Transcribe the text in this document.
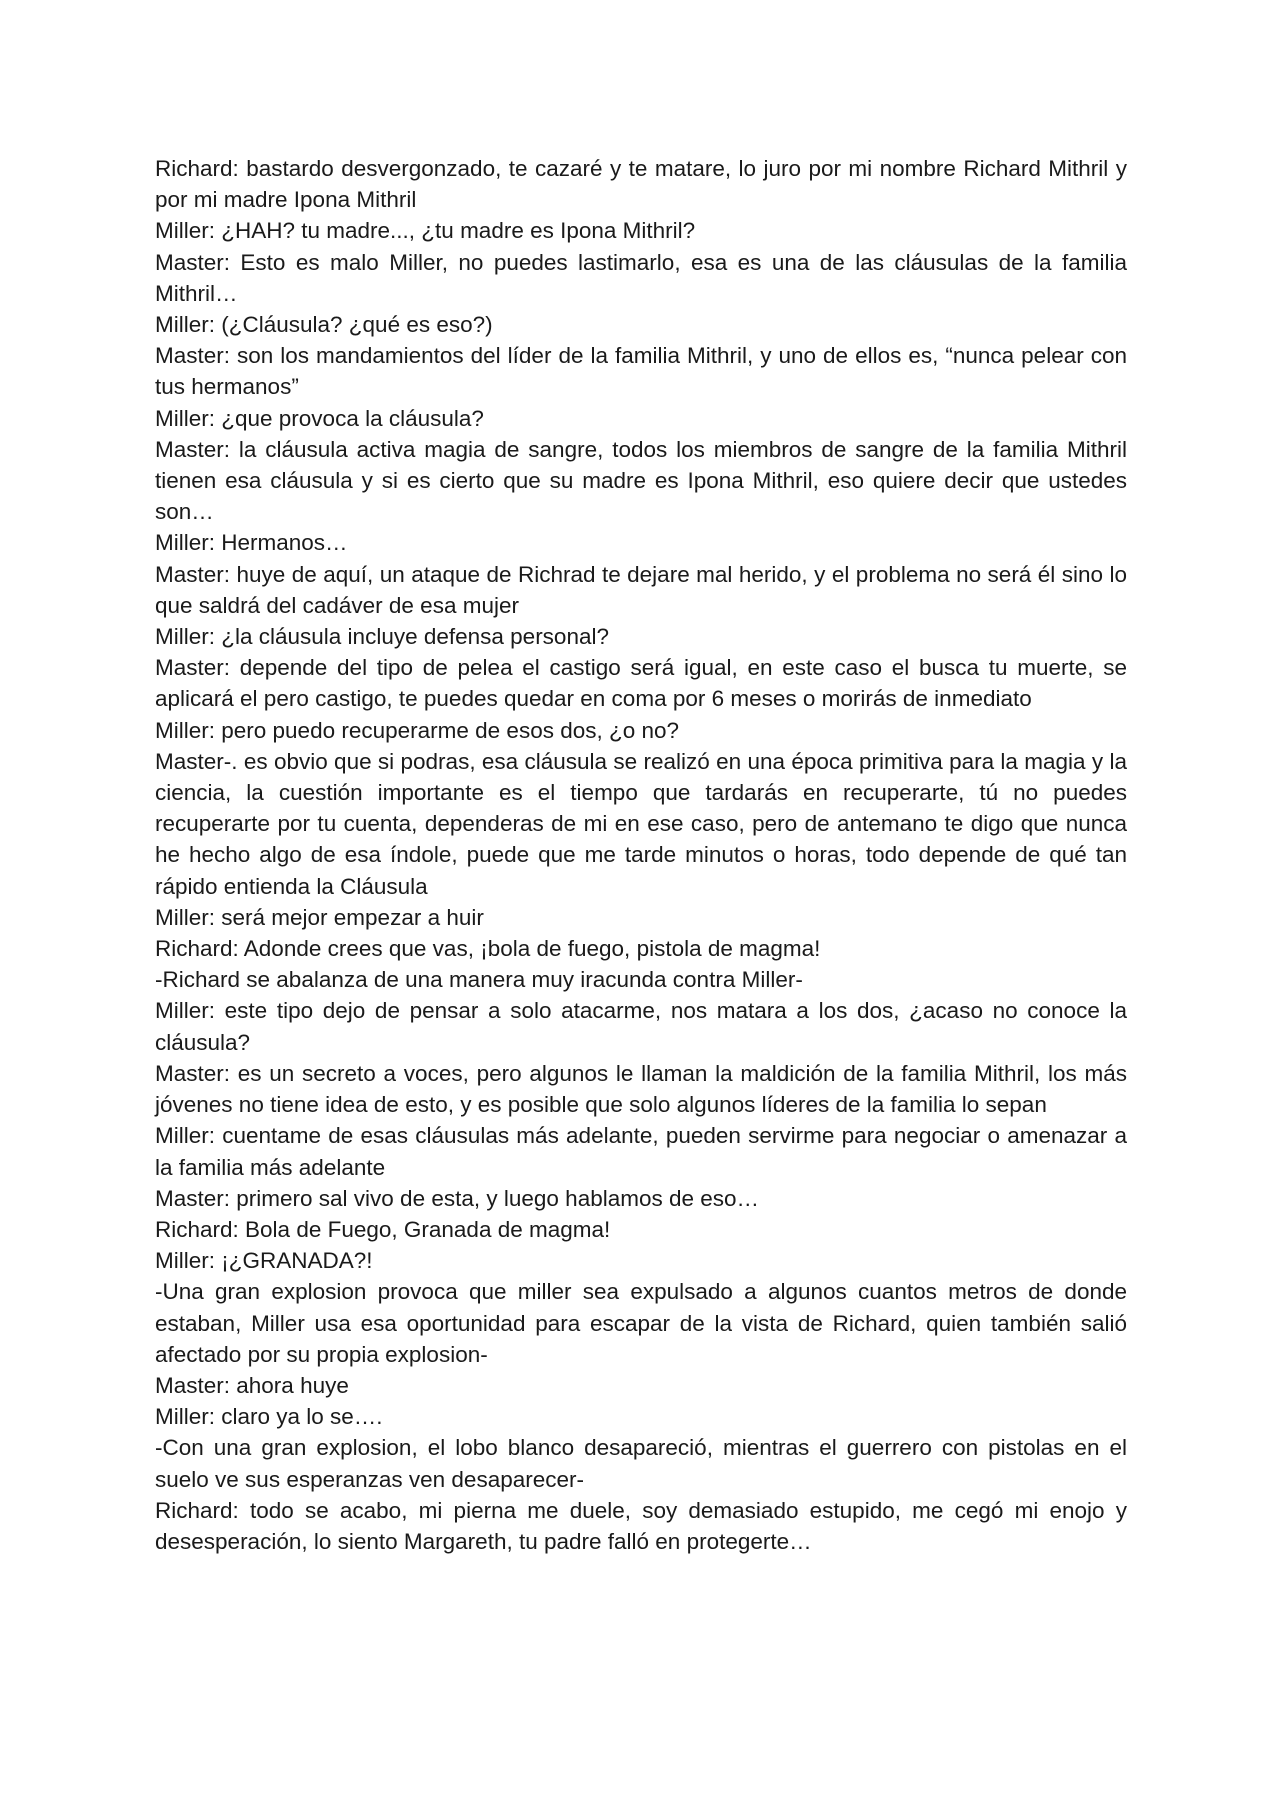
Richard: bastardo desvergonzado, te cazaré y te matare, lo juro por mi nombre Richard Mithril y por mi madre Ipona Mithril

Miller: ¿HAH? tu madre..., ¿tu madre es Ipona Mithril?

Master: Esto es malo Miller, no puedes lastimarlo, esa es una de las cláusulas de la familia Mithril…

Miller: (¿Cláusula? ¿qué es eso?)

Master: son los mandamientos del líder de la familia Mithril, y uno de ellos es, “nunca pelear con tus hermanos”

Miller: ¿que provoca la cláusula?

Master: la cláusula activa magia de sangre, todos los miembros de sangre de la familia Mithril tienen esa cláusula y si es cierto que su madre es Ipona Mithril, eso quiere decir que ustedes son…

Miller: Hermanos…

Master: huye de aquí, un ataque de Richrad te dejare mal herido, y el problema no será él sino lo que saldrá del cadáver de esa mujer

Miller: ¿la cláusula incluye defensa personal?

Master: depende del tipo de pelea el castigo será igual, en este caso el busca tu muerte, se aplicará el pero castigo, te puedes quedar en coma por 6 meses o morirás de inmediato

Miller: pero puedo recuperarme de esos dos, ¿o no?

Master-. es obvio que si podras, esa cláusula se realizó en una época primitiva para la magia y la ciencia, la cuestión importante es el tiempo que tardarás en recuperarte, tú no puedes recuperarte por tu cuenta, dependeras de mi en ese caso, pero de antemano te digo que nunca he hecho algo de esa índole, puede que me tarde minutos o horas, todo depende de qué tan rápido entienda la Cláusula

Miller: será mejor empezar a huir

Richard: Adonde crees que vas, ¡bola de fuego, pistola de magma!

-Richard se abalanza de una manera muy iracunda contra Miller-

Miller: este tipo dejo de pensar a solo atacarme, nos matara a los dos, ¿acaso no conoce la cláusula?

Master: es un secreto a voces, pero algunos le llaman la maldición de la familia Mithril, los más jóvenes no tiene idea de esto, y es posible que solo algunos líderes de la familia lo sepan

Miller: cuentame de esas cláusulas más adelante, pueden servirme para negociar o amenazar a la familia más adelante

Master: primero sal vivo de esta, y luego hablamos de eso…

Richard: Bola de Fuego, Granada de magma!

Miller: ¡¿GRANADA?!

-Una gran explosion provoca que miller sea expulsado a algunos cuantos metros de donde estaban, Miller usa esa oportunidad para escapar de la vista de Richard, quien también salió afectado por su propia explosion-

Master: ahora huye

Miller: claro ya lo se….

-Con una gran explosion, el lobo blanco desapareció, mientras el guerrero con pistolas en el suelo ve sus esperanzas ven desaparecer-

Richard: todo se acabo, mi pierna me duele, soy demasiado estupido, me cegó mi enojo y desesperación, lo siento Margareth, tu padre falló en protegerte…
